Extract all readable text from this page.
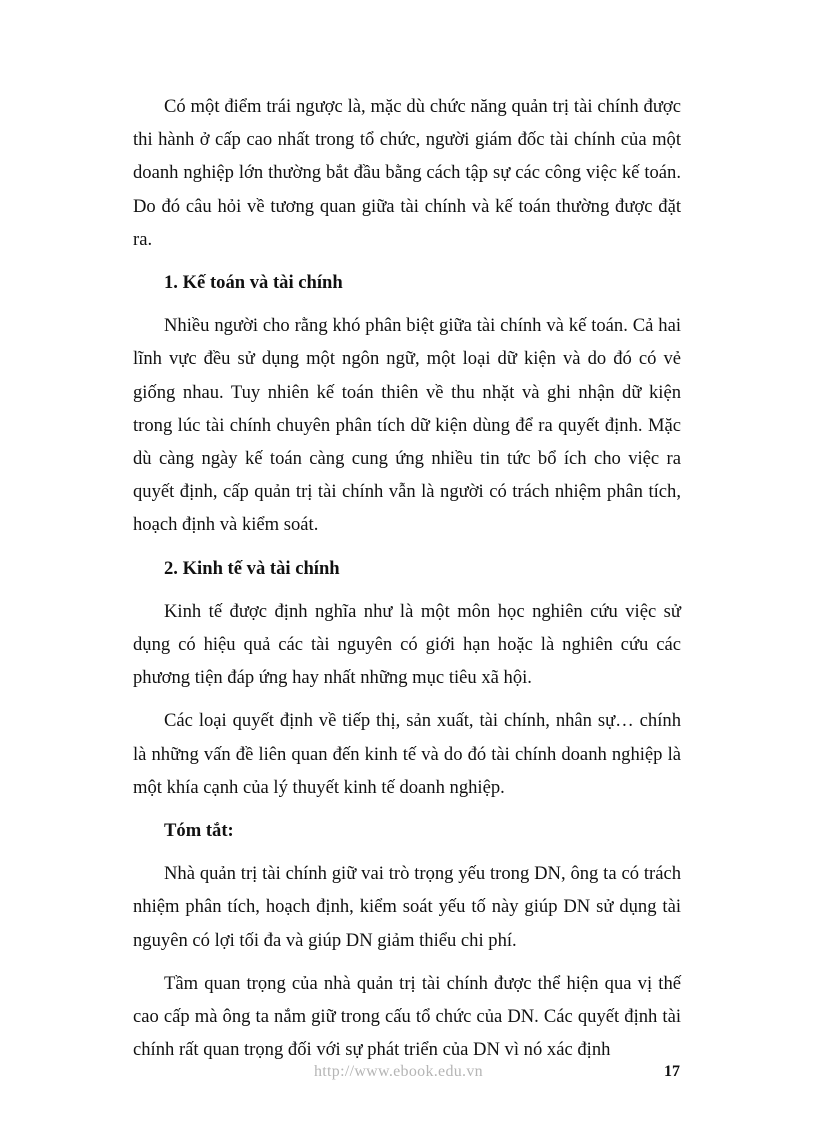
Có một điểm trái ngược là, mặc dù chức năng quản trị tài chính được thi hành ở cấp cao nhất trong tổ chức, người giám đốc tài chính của một doanh nghiệp lớn thường bắt đầu bằng cách tập sự các công việc kế toán. Do đó câu hỏi về tương quan giữa tài chính và kế toán thường được đặt ra.

1. Kế toán và tài chính

Nhiều người cho rằng khó phân biệt giữa tài chính và kế toán. Cả hai lĩnh vực đều sử dụng một ngôn ngữ, một loại dữ kiện và do đó có vẻ giống nhau. Tuy nhiên kế toán thiên về thu nhặt và ghi nhận dữ kiện trong lúc tài chính chuyên phân tích dữ kiện dùng để ra quyết định. Mặc dù càng ngày kế toán càng cung ứng nhiều tin tức bổ ích cho việc ra quyết định, cấp quản trị tài chính vẫn là người có trách nhiệm phân tích, hoạch định và kiểm soát.

2. Kinh tế và tài chính

Kinh tế được định nghĩa như là một môn học nghiên cứu việc sử dụng có hiệu quả các tài nguyên có giới hạn hoặc là nghiên cứu các phương tiện đáp ứng hay nhất những mục tiêu xã hội.

Các loại quyết định về tiếp thị, sản xuất, tài chính, nhân sự… chính là những vấn đề liên quan đến kinh tế và do đó tài chính doanh nghiệp là một khía cạnh của lý thuyết kinh tế doanh nghiệp.

Tóm tắt:

Nhà quản trị tài chính giữ vai trò trọng yếu trong DN, ông ta có trách nhiệm phân tích, hoạch định, kiểm soát yếu tố này giúp DN sử dụng tài nguyên có lợi tối đa và giúp DN giảm thiểu chi phí.

Tầm quan trọng của nhà quản trị tài chính được thể hiện qua vị thế cao cấp mà ông ta nắm giữ trong cấu tổ chức của DN. Các quyết định tài chính rất quan trọng đối với sự phát triển của DN vì nó xác định

http://www.ebook.edu.vn	17
